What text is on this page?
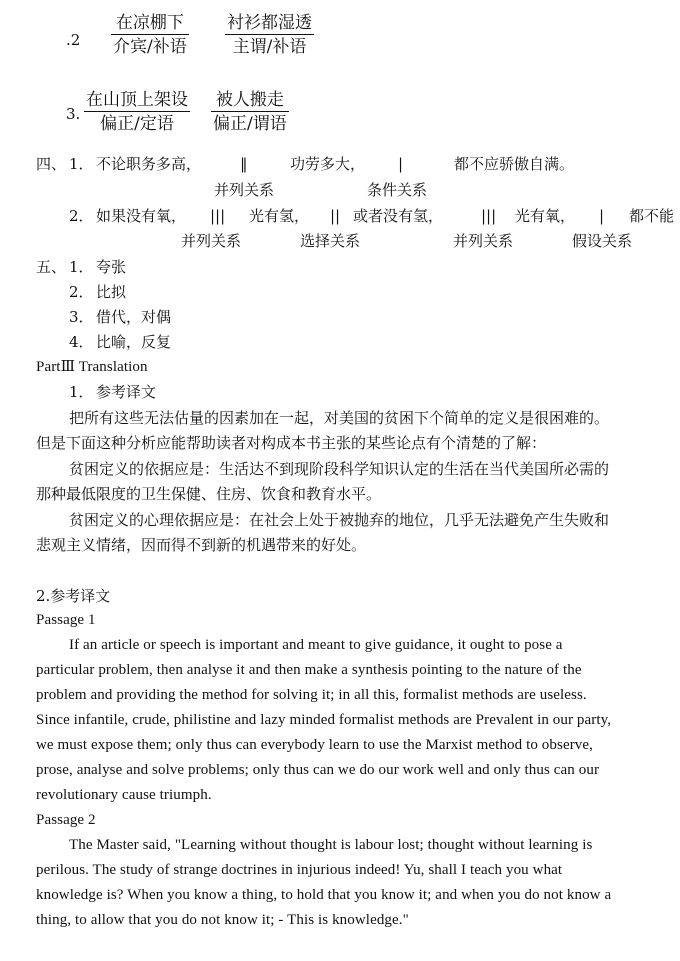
.2
在凉棚下
介宾/补语
衬衫都湿透
主谓/补语
3.
在山顶上架设
偏正/定语
被人搬走
偏正/谓语
四、 1． 不论职务多高，	‖	功劳多大， |	都不应骄傲自满。
并列关系	条件关系
2． 如果没有氧， ||| 光有氢， || 或者没有氢，	||| 光有氧， | 都不能
并列关系	选择关系	并列关系	假设关系
五、 1． 夸张
2． 比拟
3． 借代，对偶
4． 比喻，反复
PartⅢ Translation
1． 参考译文
把所有这些无法估量的因素加在一起，对美国的贫困下个简单的定义是很困难的。
但是下面这种分析应能帮助读者对构成本书主张的某些论点有个清楚的了解：
贫困定义的依据应是：生活达不到现阶段科学知识认定的生活在当代美国所必需的
那种最低限度的卫生保健、住房、饮食和教育水平。
贫困定义的心理依据应是：在社会上处于被抛弃的地位，几乎无法避免产生失败和
悲观主义情绪，因而得不到新的机遇带来的好处。
2.参考译文
Passage 1
If an article or speech is important and meant to give guidance, it ought to pose a
particular problem, then analyse it and then make a synthesis pointing to the nature of the
problem and providing the method for solving it; in all this, formalist methods are useless.
Since infantile, crude, philistine and lazy minded formalist methods are Prevalent in our party,
we must expose them; only thus can everybody learn to use the Marxist method to observe,
prose, analyse and solve problems; only thus can we do our work well and only thus can our
revolutionary cause triumph.
Passage 2
The Master said, "Learning without thought is labour lost; thought without learning is
perilous. The study of strange doctrines in injurious indeed! Yu, shall I teach you what
knowledge is? When you know a thing, to hold that you know it; and when you do not know a
thing, to allow that you do not know it; - This is knowledge."
